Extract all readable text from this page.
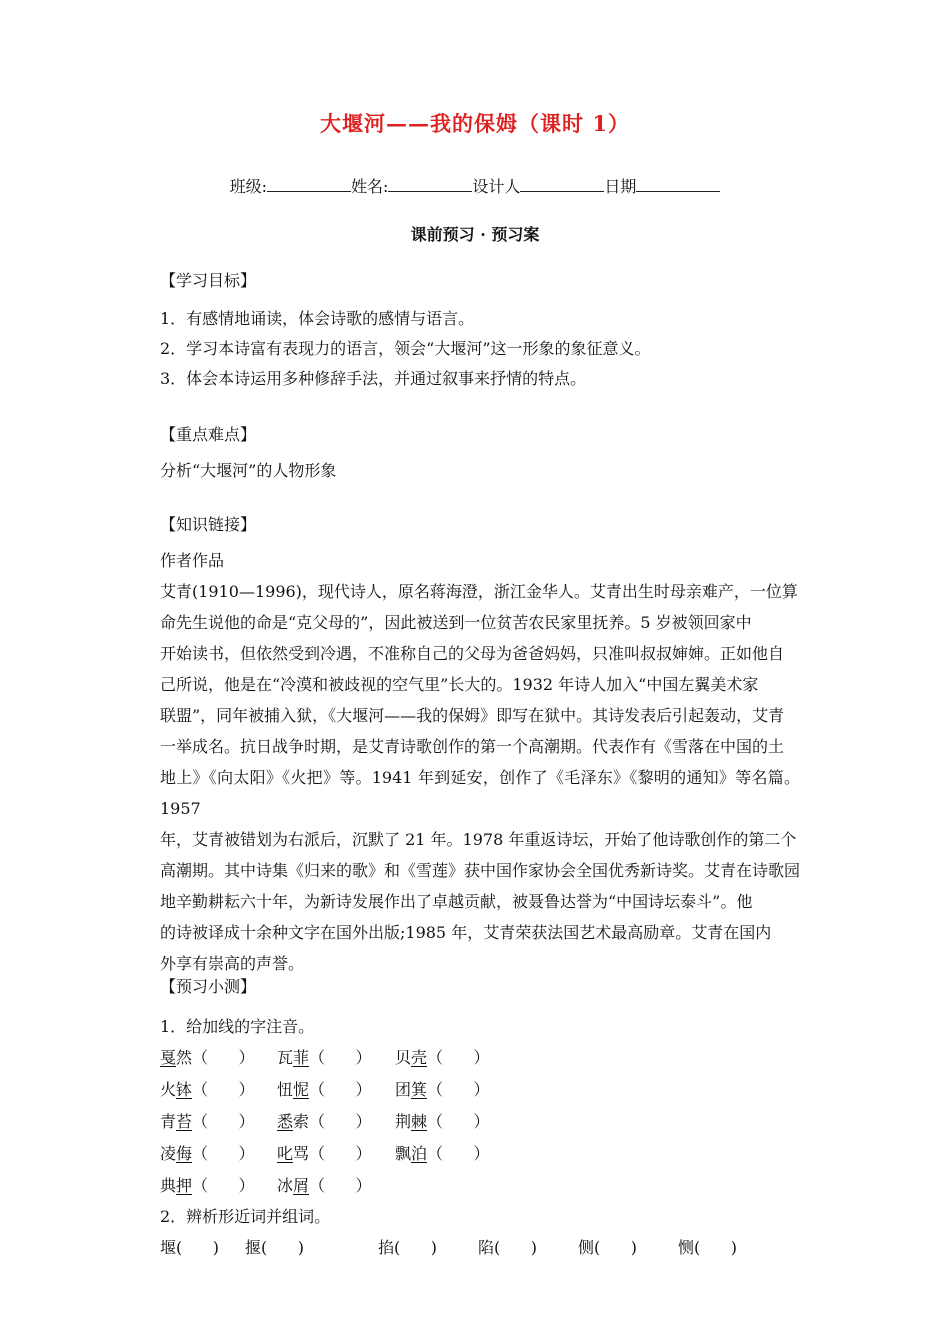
大堰河——我的保姆（课时 1）
班级:	姓名:	设计人	日期
课前预习 · 预习案
【学习目标】
1．有感情地诵读，体会诗歌的感情与语言。
2．学习本诗富有表现力的语言，领会“大堰河”这一形象的象征意义。
3．体会本诗运用多种修辞手法，并通过叙事来抒情的特点。
【重点难点】
分析“大堰河”的人物形象
【知识链接】
作者作品
艾青(1910—1996)，现代诗人，原名蒋海澄，浙江金华人。艾青出生时母亲难产，一位算
命先生说他的命是“克父母的”，因此被送到一位贫苦农民家里抚养。5 岁被领回家中
开始读书，但依然受到冷遇，不准称自己的父母为爸爸妈妈，只准叫叔叔婶婶。正如他自
己所说，他是在“冷漠和被歧视的空气里”长大的。1932 年诗人加入“中国左翼美术家
联盟”，同年被捕入狱，《大堰河——我的保姆》即写在狱中。其诗发表后引起轰动，艾青
一举成名。抗日战争时期，是艾青诗歌创作的第一个高潮期。代表作有《雪落在中国的土
地上》《向太阳》《火把》等。1941 年到延安，创作了《毛泽东》《黎明的通知》等名篇。1957
年，艾青被错划为右派后，沉默了 21 年。1978 年重返诗坛，开始了他诗歌创作的第二个
高潮期。其中诗集《归来的歌》和《雪莲》获中国作家协会全国优秀新诗奖。艾青在诗歌园
地辛勤耕耘六十年，为新诗发展作出了卓越贡献，被聂鲁达誉为“中国诗坛泰斗”。他
的诗被译成十余种文字在国外出版;1985 年，艾青荣获法国艺术最高励章。艾青在国内
外享有崇高的声誉。
【预习小测】
1．给加线的字注音。
戛然（      ） 瓦菲（      ） 贝壳（      ）
火钵（      ） 忸怩（      ） 团箕（      ）
青苔（      ） 悉索（      ） 荆棘（      ）
凌侮（      ） 叱骂（      ） 飘泊（      ）
典押（      ） 冰屑（      ）
2．辨析形近词并组词。
堰(      ) 揠(      )	掐(      )	陷(      )	侧(      )	恻(      )
